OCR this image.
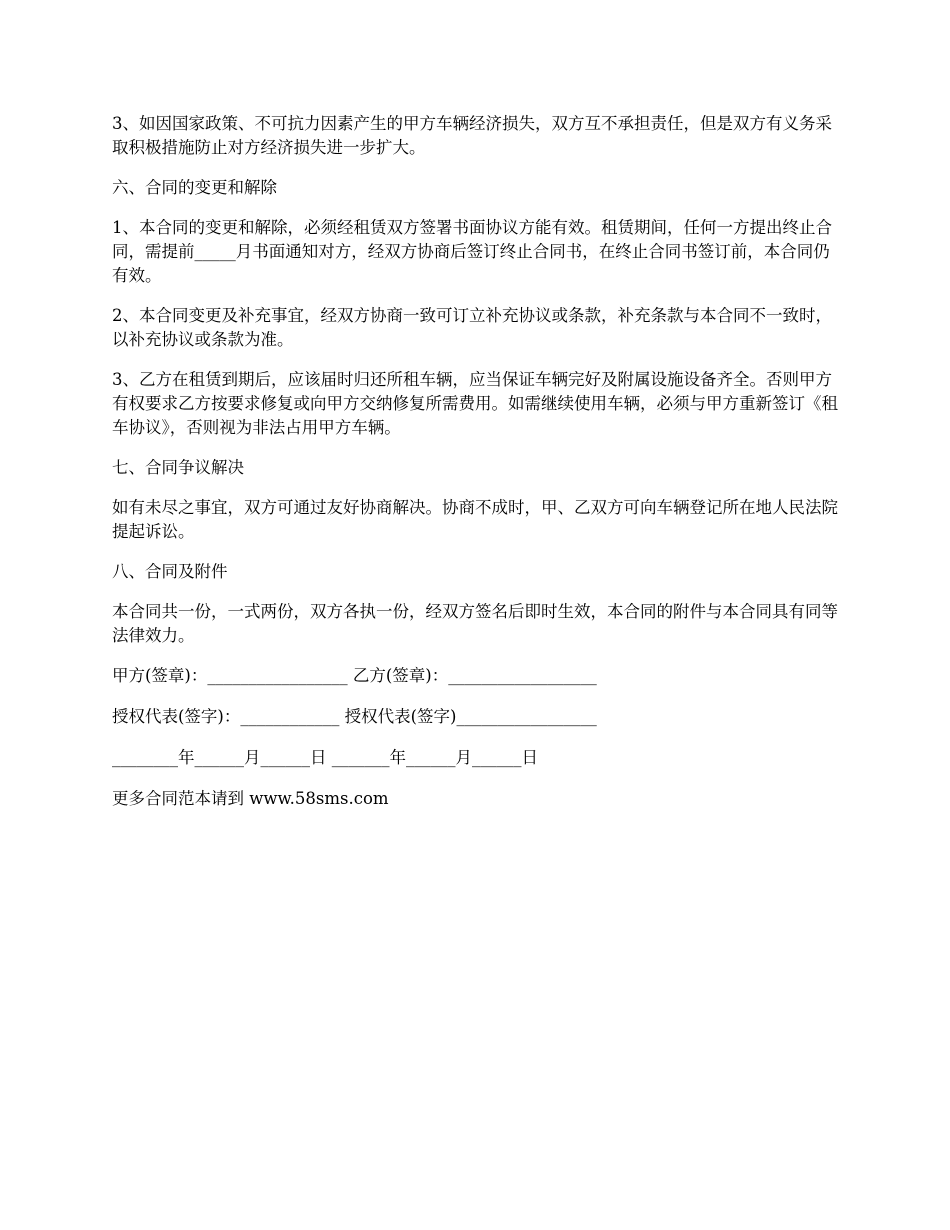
3、如因国家政策、不可抗力因素产生的甲方车辆经济损失，双方互不承担责任，但是双方有义务采取积极措施防止对方经济损失进一步扩大。

六、合同的变更和解除

1、本合同的变更和解除，必须经租赁双方签署书面协议方能有效。租赁期间，任何一方提出终止合同，需提前_____月书面通知对方，经双方协商后签订终止合同书，在终止合同书签订前，本合同仍有效。

2、本合同变更及补充事宜，经双方协商一致可订立补充协议或条款，补充条款与本合同不一致时，以补充协议或条款为准。

3、乙方在租赁到期后，应该届时归还所租车辆，应当保证车辆完好及附属设施设备齐全。否则甲方有权要求乙方按要求修复或向甲方交纳修复所需费用。如需继续使用车辆，必须与甲方重新签订《租车协议》，否则视为非法占用甲方车辆。

七、合同争议解决

如有未尽之事宜，双方可通过友好协商解决。协商不成时，甲、乙双方可向车辆登记所在地人民法院提起诉讼。

八、合同及附件

本合同共一份，一式两份，双方各执一份，经双方签名后即时生效，本合同的附件与本合同具有同等法律效力。

甲方(签章)：_________________ 乙方(签章)：__________________

授权代表(签字)：____________ 授权代表(签字)_________________

________年______月______日 _______年______月______日

更多合同范本请到 www.58sms.com
